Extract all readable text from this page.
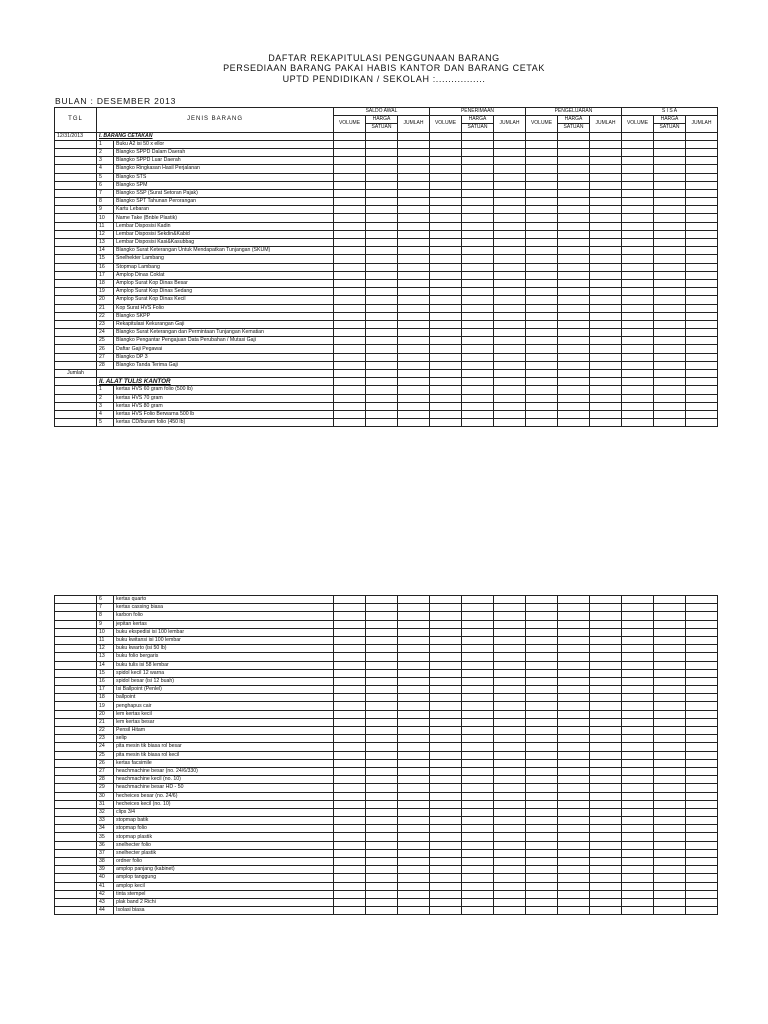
DAFTAR REKAPITULASI PENGGUNAAN BARANG
PERSEDIAAN BARANG PAKAI HABIS KANTOR DAN BARANG CETAK
UPTD PENDIDIKAN / SEKOLAH :................
BULAN : DESEMBER 2013
TGL	JENIS BARANG		SALDO AWAL			PENERIMAAN			PENGELUARAN			S I S A		
			VOLUME	HARGA	JUMLAH	VOLUME	HARGA	JUMLAH	VOLUME	HARGA	JUMLAH	VOLUME	HARGA	JUMLAH
				SATUAN			SATUAN			SATUAN			SATUAN	
12/31/2013	I. BARANG CETAKAN													
	1	Buku A2 isi 50 x ellor												
	2	Blangko SPPD Dalam Daerah												
	3	Blangko SPPD Luar Daerah												
	4	Blangko Ringkasan Hasil Perjalanan												
	5	Blangko STS												
	6	Blangko SPM												
	7	Blangko SSP (Surat Setoran Pajak)												
	8	Blangko SPT Tahunan Perorangan												
	9	Kartu Lebaran												
	10	Name Take (Bnble Plastik)												
	11	Lembar Disposisi Kadin												
	12	Lembar Disposisi Sekdin&Kabid												
	13	Lembar Disposisi Kasi&Kasubbag												
	14	Blangko Surat Keterangan Untuk Mendapatkan Tunjangan (SKUM)												
	15	Snelhekter Lambang												
	16	Stopmap Lambang												
	17	Amplop Dinas Coklat												
	18	Amplop Surat Kop Dinas Besar												
	19	Amplop Surat Kop Dinas Sedang												
	20	Amplop Surat Kop Dinas Kecil												
	21	Kop Surat HVS Folio												
	22	Blangko SKPP												
	23	Rekapitulasi Kekurangan Gaji												
	24	Blangko Surat Keterangan dan Permintaan Tunjangan Kematian												
	25	Blangko Pengantar Pengajuan Data Perubahan / Mutasi Gaji												
	26	Daftar Gaji Pegawai												
	27	Blangko DP 3												
	28	Blangko Tanda Terima Gaji												
Jumlah														
	II. ALAT TULIS KANTOR													
	1	kertas HVS 60 gram folio (500 lb)												
	2	kertas HVS 70 gram												
	3	kertas HVS 80 gram												
	4	kertas HVS Folio Berwarna 500 lb												
	5	kertas CD/buram folio (450 lb)												
	6	kertas quarto												
	7	kertas cassing biasa												
	8	karbon folio												
	9	jepitan kertas												
	10	buku ekspedisi isi 100 lembar												
	11	buku kwitansi isi 100 lembar												
	12	buku kwarto (isi 50 lb)												
	13	buku folio bergaris												
	14	buku tulis isi 58 lembar												
	15	spidol kecil 12 warna												
	16	spidol besar (isi 12 buah)												
	17	Isi Ballpoint (Penlel)												
	18	ballpoint												
	19	penghapus cair												
	20	lem kertas kecil												
	21	lem kertas besar												
	22	Pensil Hitam												
	23	selip												
	24	pita mesin tik biasa rol besar												
	25	pita mesin tik biasa rol kecil												
	26	kertas facsimile												
	27	heachmachine besar (no. 24/6/330)												
	28	heachmachine kecil (no. 10)												
	29	heachmachine besar HD - 50												
	30	hecheices besar (no. 24/6)												
	31	hecheices kecil (no. 10)												
	32	clips 3/4												
	33	stopmap batik												
	34	stopmap folio												
	35	stopmap plastik												
	36	snelhecter folio												
	37	snelhecter plastik												
	38	ordner folio												
	39	amplop panjang (kabinet)												
	40	amplop tanggung												
	41	amplop kecil												
	42	tinta stempel												
	43	plak band 2 Richi												
	44	Isolasi biasa												
